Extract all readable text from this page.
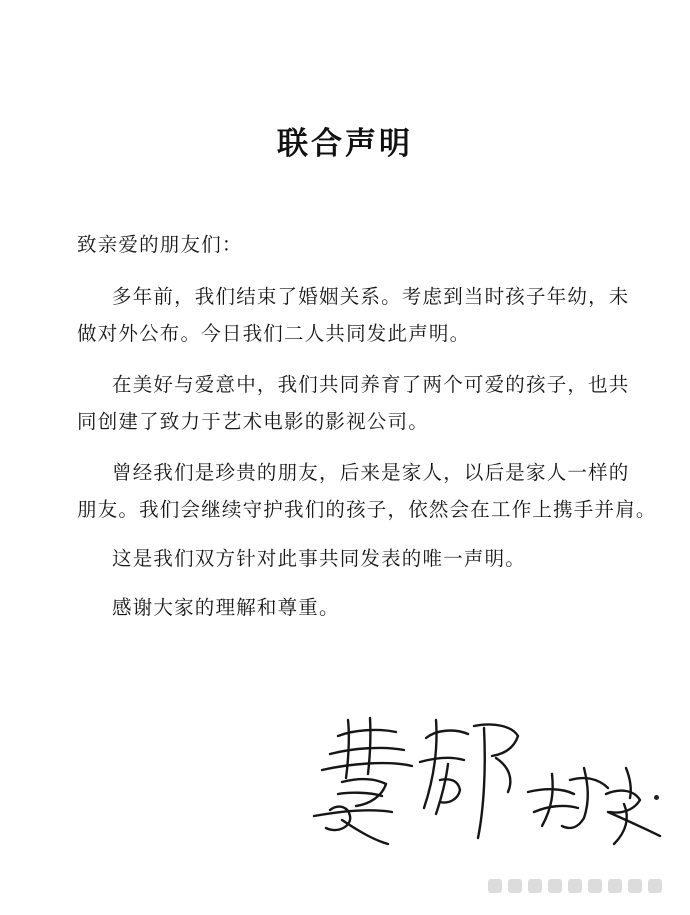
联合声明
致亲爱的朋友们：
多年前，我们结束了婚姻关系。考虑到当时孩子年幼，未
做对外公布。今日我们二人共同发此声明。
在美好与爱意中，我们共同养育了两个可爱的孩子，也共
同创建了致力于艺术电影的影视公司。
曾经我们是珍贵的朋友，后来是家人，以后是家人一样的
朋友。我们会继续守护我们的孩子，依然会在工作上携手并肩。
这是我们双方针对此事共同发表的唯一声明。
感谢大家的理解和尊重。
